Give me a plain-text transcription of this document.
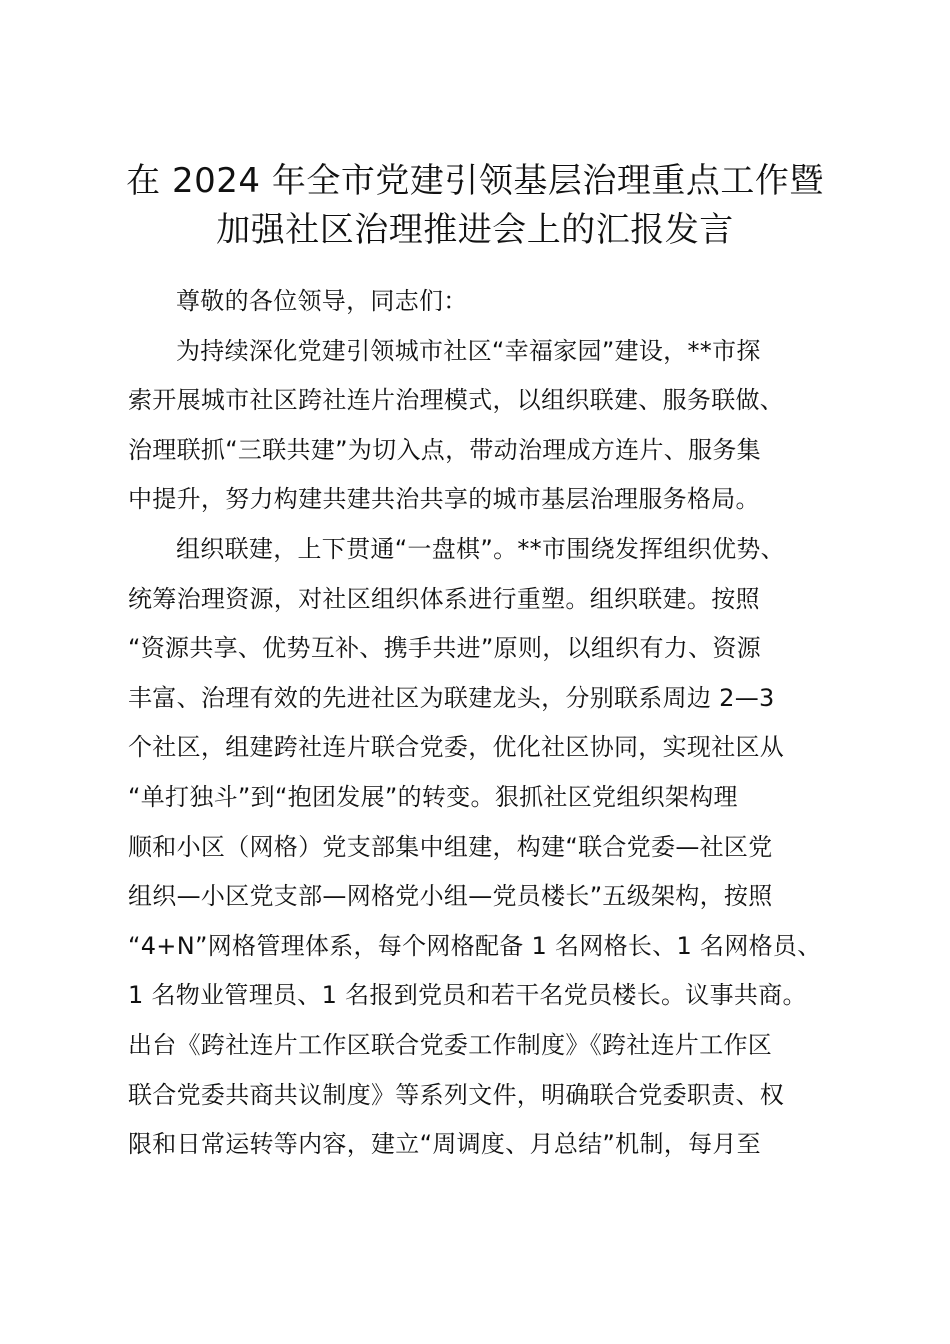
在 2024 年全市党建引领基层治理重点工作暨
加强社区治理推进会上的汇报发言
尊敬的各位领导，同志们：
为持续深化党建引领城市社区“幸福家园”建设，**市探
索开展城市社区跨社连片治理模式，以组织联建、服务联做、
治理联抓“三联共建”为切入点，带动治理成方连片、服务集
中提升，努力构建共建共治共享的城市基层治理服务格局。
组织联建，上下贯通“一盘棋”。**市围绕发挥组织优势、
统筹治理资源，对社区组织体系进行重塑。组织联建。按照
“资源共享、优势互补、携手共进”原则，以组织有力、资源
丰富、治理有效的先进社区为联建龙头，分别联系周边 2—3
个社区，组建跨社连片联合党委，优化社区协同，实现社区从
“单打独斗”到“抱团发展”的转变。狠抓社区党组织架构理
顺和小区（网格）党支部集中组建，构建“联合党委—社区党
组织—小区党支部—网格党小组—党员楼长”五级架构，按照
“4+N”网格管理体系，每个网格配备 1 名网格长、1 名网格员、
1 名物业管理员、1 名报到党员和若干名党员楼长。议事共商。
出台《跨社连片工作区联合党委工作制度》《跨社连片工作区
联合党委共商共议制度》等系列文件，明确联合党委职责、权
限和日常运转等内容，建立“周调度、月总结”机制，每月至
